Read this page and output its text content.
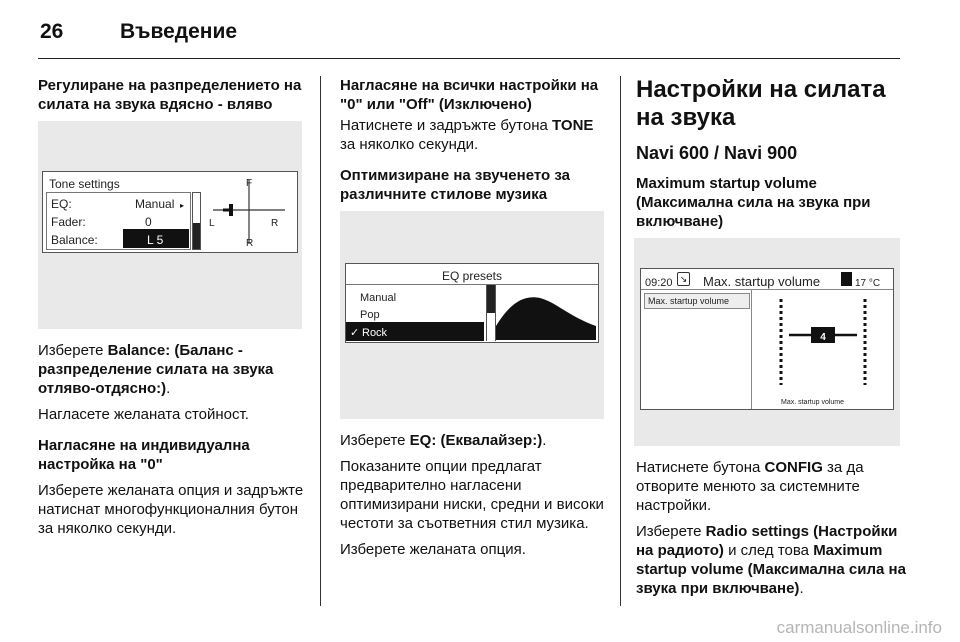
26	Въведение
Регулиране на разпределението на силата на звука вдясно - вляво
Tone settings
EQ:	Manual ▸
Fader:	0
Balance:	L 5
F
L	R
R

Изберете Balance: (Баланс - разпределение силата на звука отляво-отдясно:).

Нагласете желаната стойност.

Нагласяне на индивидуална настройка на "0"

Изберете желаната опция и задръжте натиснат многофункционалния бутон за няколко секунди.

Нагласяне на всички настройки на "0" или "Off" (Изключено)

Натиснете и задръжте бутона TONE за няколко секунди.

Оптимизиране на звученето за различните стилове музика
EQ presets
Manual
Pop
✓ Rock

Изберете EQ: (Еквалайзер:).

Показаните опции предлагат предварително нагласени оптимизирани ниски, средни и високи честоти за съответния стил музика.

Изберете желаната опция.

Настройки на силата на звука
Navi 600 / Navi 900
Maximum startup volume (Максимална сила на звука при включване)
09:20 ↘ Max. startup volume	17 °C
Max. startup volume
4
Max. startup volume

Натиснете бутона CONFIG за да отворите менюто за системните настройки.

Изберете Radio settings (Настройки на радиото) и след това Maximum startup volume (Максимална сила на звука при включване).

carmanualsonline.info
